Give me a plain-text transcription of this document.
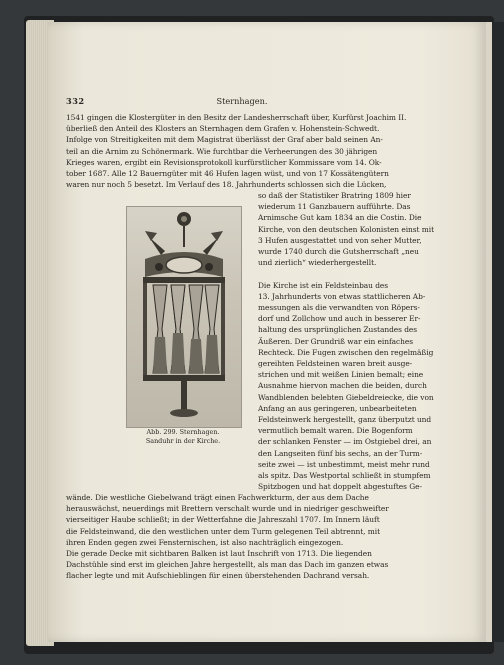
332	Sternhagen.
1541 gingen die Klostergüter in den Besitz der Landesherrschaft über, Kurfürst Joachim II.
überließ den Anteil des Klosters an Sternhagen dem Grafen v. Hohenstein-Schwedt.
Infolge von Streitigkeiten mit dem Magistrat überlässt der Graf aber bald seinen An-
teil an die Arnim zu Schönermark. Wie furchtbar die Verheerungen des 30 jährigen
Krieges waren, ergibt ein Revisionsprotokoll kurfürstlicher Kommissare vom 14. Ok-
tober 1687. Alle 12 Bauerngüter mit 46 Hufen lagen wüst, und von 17 Kossätengütern
waren nur noch 5 besetzt. Im Verlauf des 18. Jahrhunderts schlossen sich die Lücken,
so daß der Statistiker Bratring 1809 hier
wiederum 11 Ganzbauern aufführte. Das
Arnimsche Gut kam 1834 an die Costin. Die
Kirche, von den deutschen Kolonisten einst mit
3 Hufen ausgestattet und von seher Mutter,
wurde 1740 durch die Gutsherrschaft „neu
und zierlich“ wiederhergestellt.
Die Kirche ist ein Feldsteinbau des
13. Jahrhunderts von etwas stattlicheren Ab-
messungen als die verwandten von Röpers-
dorf und Zollchow und auch in besserer Er-
haltung des ursprünglichen Zustandes des
Äußeren. Der Grundriß war ein einfaches
Rechteck. Die Fugen zwischen den regelmäßig
gereihten Feldsteinen waren breit ausge-
strichen und mit weißen Linien bemalt; eine
Ausnahme hiervon machen die beiden, durch
Wandblenden belebten Giebeldreiecke, die von
Anfang an aus geringeren, unbearbeiteten
Feldsteinwerk hergestellt, ganz überputzt und
vermutlich bemalt waren. Die Bogenform
der schlanken Fenster — im Ostgiebel drei, an
den Langseiten fünf bis sechs, an der Turm-
seite zwei — ist unbestimmt, meist mehr rund
als spitz. Das Westportal schließt in stumpfem
Spitzbogen und hat doppelt abgestuftes Ge-
wände. Die westliche Giebelwand trägt einen Fachwerkturm, der aus dem Dache
herauswächst, neuerdings mit Brettern verschalt wurde und in niedriger geschweifter
vierseitiger Haube schließt; in der Wetterfahne die Jahreszahl 1707. Im Innern läuft
die Feldsteinwand, die den westlichen unter dem Turm gelegenen Teil abtrennt, mit
ihren Enden gegen zwei Fensternischen, ist also nachträglich eingezogen.
Die gerade Decke mit sichtbaren Balken ist laut Inschrift von 1713. Die liegenden
Dachstühle sind erst im gleichen Jahre hergestellt, als man das Dach im ganzen etwas
flacher legte und mit Aufschieblingen für einen überstehenden Dachrand versah.
Abb. 299. Sternhagen.
Sanduhr in der Kirche.
